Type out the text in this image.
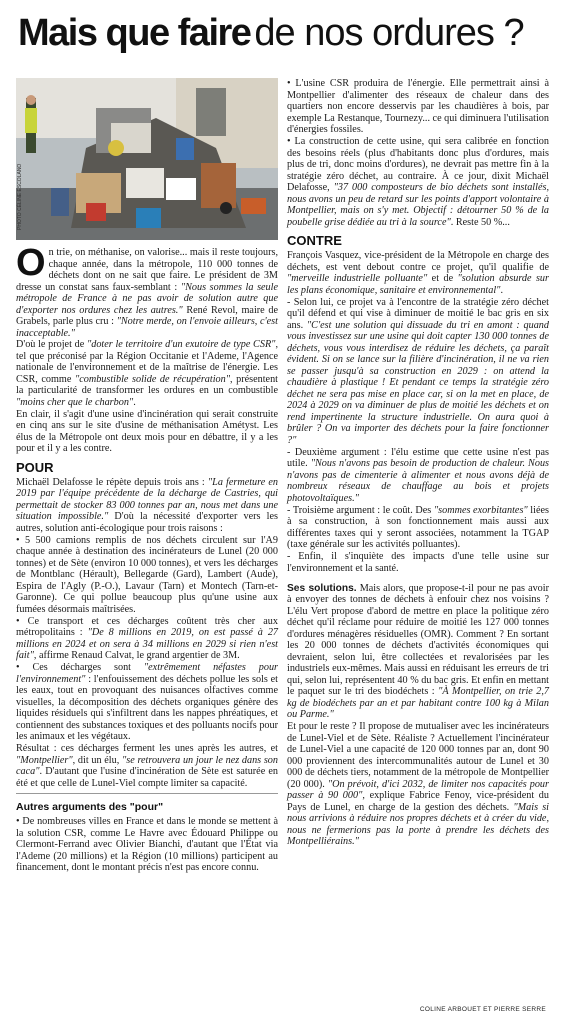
Mais que faire de nos ordures ?
PHOTO CÉLINE ESCOLANO
O n trie, on méthanise, on valorise... mais il reste toujours, chaque année, dans la métropole, 110 000 tonnes de déchets dont on ne sait que faire. Le président de 3M dresse un constat sans faux-semblant : "Nous sommes la seule métropole de France à ne pas avoir de solution autre que d'exporter nos ordures chez les autres." René Revol, maire de Grabels, parle plus cru : "Notre merde, on l'envoie ailleurs, c'est inacceptable."

D'où le projet de "doter le territoire d'un exutoire de type CSR", tel que préconisé par la Région Occitanie et l'Ademe, l'Agence nationale de l'environnement et de la maîtrise de l'énergie. Les CSR, comme "combustible solide de récupération", présentent la particularité de transformer les ordures en un combustible "moins cher que le charbon".

En clair, il s'agit d'une usine d'incinération qui serait construite en cinq ans sur le site d'usine de méthanisation Amétyst. Les élus de la Métropole ont deux mois pour en débattre, il y a les pour et il y a les contre.

POUR

Michaël Delafosse le répète depuis trois ans : "La fermeture en 2019 par l'équipe précédente de la décharge de Castries, qui permettait de stocker 83 000 tonnes par an, nous met dans une situation impossible." D'où la nécessité d'exporter vers les autres, solution anti-écologique pour trois raisons :

• 5 500 camions remplis de nos déchets circulent sur l'A9 chaque année à destination des incinérateurs de Lunel (20 000 tonnes) et de Sète (environ 10 000 tonnes), et vers les décharges de Montblanc (Hérault), Bellegarde (Gard), Lambert (Aude), Espira de l'Agly (P.-O.), Lavaur (Tarn) et Montech (Tarn-et-Garonne). Ce qui pollue beaucoup plus qu'une usine aux fumées désormais maîtrisées.

• Ce transport et ces décharges coûtent très cher aux métropolitains : "De 8 millions en 2019, on est passé à 27 millions en 2024 et on sera à 34 millions en 2029 si rien n'est fait", affirme Renaud Calvat, le grand argentier de 3M.

• Ces décharges sont "extrêmement néfastes pour l'environnement" : l'enfouissement des déchets pollue les sols et les eaux, tout en provoquant des nuisances olfactives comme visuelles, la décomposition des déchets organiques génère des liquides résiduels qui s'infiltrent dans les nappes phréatiques, et contiennent des substances toxiques et des polluants nocifs pour les animaux et les végétaux.

Résultat : ces décharges ferment les unes après les autres, et "Montpellier", dit un élu, "se retrouvera un jour le nez dans son caca". D'autant que l'usine d'incinération de Sète est saturée en été et que celle de Lunel-Viel compte limiter sa capacité.

Autres arguments des "pour"

• De nombreuses villes en France et dans le monde se mettent à la solution CSR, comme Le Havre avec Édouard Philippe ou Clermont-Ferrand avec Olivier Bianchi, d'autant que l'État via l'Ademe (20 millions) et la Région (10 millions) participent au financement, dont le montant précis n'est pas encore connu.

• L'usine CSR produira de l'énergie. Elle permettrait ainsi à Montpellier d'alimenter des réseaux de chaleur dans des quartiers non encore desservis par les chaudières à bois, par exemple La Restanque, Tournezy... ce qui diminuera l'utilisation d'énergies fossiles.

• La construction de cette usine, qui sera calibrée en fonction des besoins réels (plus d'habitants donc plus d'ordures, mais plus de tri, donc moins d'ordures), ne devrait pas mettre fin à la stratégie zéro déchet, au contraire. À ce jour, dixit Michaël Delafosse, "37 000 composteurs de bio déchets sont installés, nous avons un peu de retard sur les points d'apport volontaire à Montpellier, mais on s'y met. Objectif : détourner 50 % de la poubelle grise dédiée au tri à la source". Reste 50 %...

CONTRE

François Vasquez, vice-président de la Métropole en charge des déchets, est vent debout contre ce projet, qu'il qualifie de "merveille industrielle polluante" et de "solution absurde sur les plans économique, sanitaire et environnemental".

- Selon lui, ce projet va à l'encontre de la stratégie zéro déchet qu'il défend et qui vise à diminuer de moitié le bac gris en six ans. "C'est une solution qui dissuade du tri en amont : quand vous investissez sur une usine qui doit capter 130 000 tonnes de déchets, vous vous interdisez de réduire les déchets, ça paraît évident. Si on se lance sur la filière d'incinération, il ne va rien se passer jusqu'à sa construction en 2029 : on attend la chaudière à plastique ! Et pendant ce temps la stratégie zéro déchet ne sera pas mise en place car, si on la met en place, de 2024 à 2029 on va diminuer de plus de moitié les déchets et on rend impertinente la structure industrielle. On aura quoi à brûler ? On va importer des déchets pour la faire fonctionner ?"

- Deuxième argument : l'élu estime que cette usine n'est pas utile. "Nous n'avons pas besoin de production de chaleur. Nous n'avons pas de cimenterie à alimenter et nous avons déjà de nombreux réseaux de chauffage au bois et projets photovoltaïques."

- Troisième argument : le coût. Des "sommes exorbitantes" liées à sa construction, à son fonctionnement mais aussi aux différentes taxes qui y seront associées, notamment la TGAP (taxe générale sur les activités polluantes).

- Enfin, il s'inquiète des impacts d'une telle usine sur l'environnement et la santé.

Ses solutions. Mais alors, que propose-t-il pour ne pas avoir à envoyer des tonnes de déchets à enfouir chez nos voisins ? L'élu Vert propose d'abord de mettre en place la politique zéro déchet qu'il réclame pour réduire de moitié les 127 000 tonnes d'ordures ménagères résiduelles (OMR). Comment ? En sortant les 20 000 tonnes de déchets d'activités économiques qui devraient, selon lui, être collectées et revalorisées par les industriels eux-mêmes. Mais aussi en réduisant les erreurs de tri qui, selon lui, représentent 40 % du bac gris. Et enfin en mettant le paquet sur le tri des biodéchets : "À Montpellier, on trie 2,7 kg de biodéchets par an et par habitant contre 100 kg à Milan ou Parme."

Et pour le reste ? Il propose de mutualiser avec les incinérateurs de Lunel-Viel et de Sète. Réaliste ? Actuellement l'incinérateur de Lunel-Viel a une capacité de 120 000 tonnes par an, dont 90 000 proviennent des intercommunalités autour de Lunel et 30 000 de déchets tiers, notamment de la métropole de Montpellier (20 000). "On prévoit, d'ici 2032, de limiter nos capacités pour passer à 90 000", explique Fabrice Fenoy, vice-président du Pays de Lunel, en charge de la gestion des déchets. "Mais si nous arrivions à réduire nos propres déchets et à créer du vide, nous ne fermerions pas la porte à prendre les déchets des Montpelliérains."

COLINE ARBOUET ET PIERRE SERRE
